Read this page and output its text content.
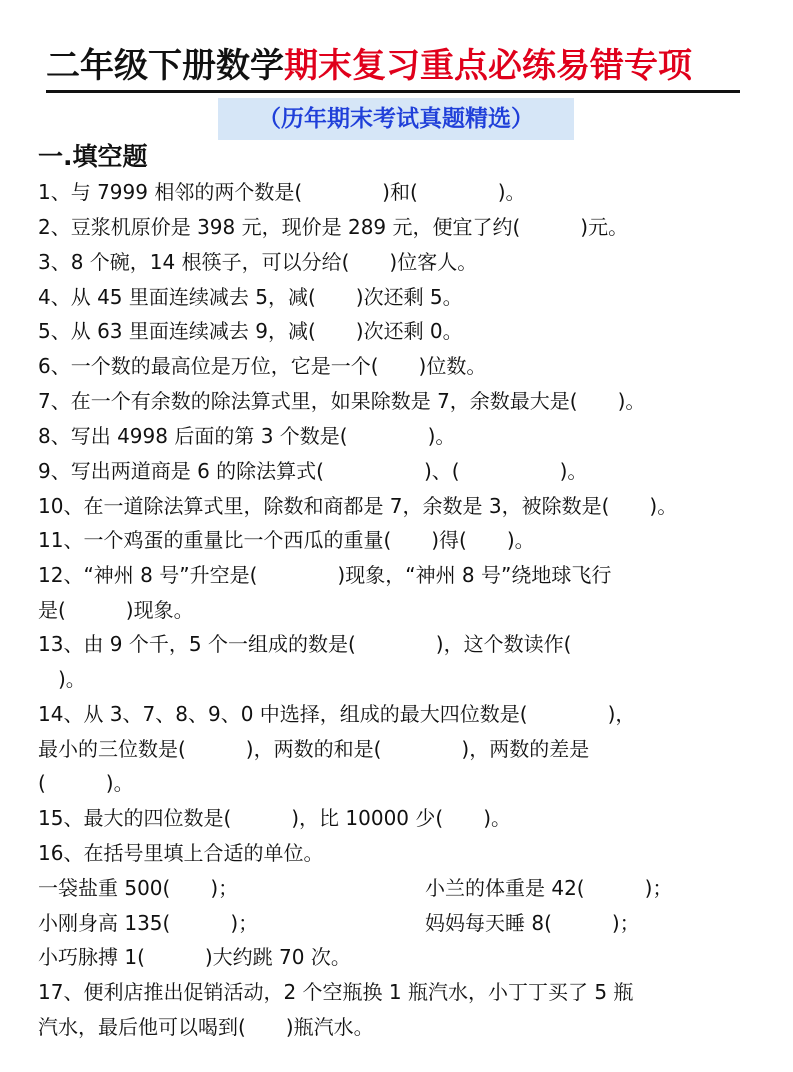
二年级下册数学期末复习重点必练易错专项
（历年期末考试真题精选）
一.填空题
1、与 7999 相邻的两个数是(　　　　)和(　　　　)。
2、豆浆机原价是 398 元，现价是 289 元，便宜了约(　　　)元。
3、8 个碗，14 根筷子，可以分给(　　)位客人。
4、从 45 里面连续减去 5，减(　　)次还剩 5。
5、从 63 里面连续减去 9，减(　　)次还剩 0。
6、一个数的最高位是万位，它是一个(　　)位数。
7、在一个有余数的除法算式里，如果除数是 7，余数最大是(　　)。
8、写出 4998 后面的第 3 个数是(　　　　)。
9、写出两道商是 6 的除法算式(　　　　　)、(　　　　　)。
10、在一道除法算式里，除数和商都是 7，余数是 3，被除数是(　　)。
11、一个鸡蛋的重量比一个西瓜的重量(　　)得(　　)。
12、“神州 8 号”升空是(　　　　)现象，“神州 8 号”绕地球飞行
是(　　　)现象。
13、由 9 个千，5 个一组成的数是(　　　　)，这个数读作(
　)。
14、从 3、7、8、9、0 中选择，组成的最大四位数是(　　　　)，
最小的三位数是(　　　)，两数的和是(　　　　)，两数的差是
(　　　)。
15、最大的四位数是(　　　)，比 10000 少(　　)。
16、在括号里填上合适的单位。
一袋盐重 500(　　)；	小兰的体重是 42(　　　)；
小刚身高 135(　　　)；	妈妈每天睡 8(　　　)；
小巧脉搏 1(　　　)大约跳 70 次。
17、便利店推出促销活动，2 个空瓶换 1 瓶汽水，小丁丁买了 5 瓶
汽水，最后他可以喝到(　　)瓶汽水。
